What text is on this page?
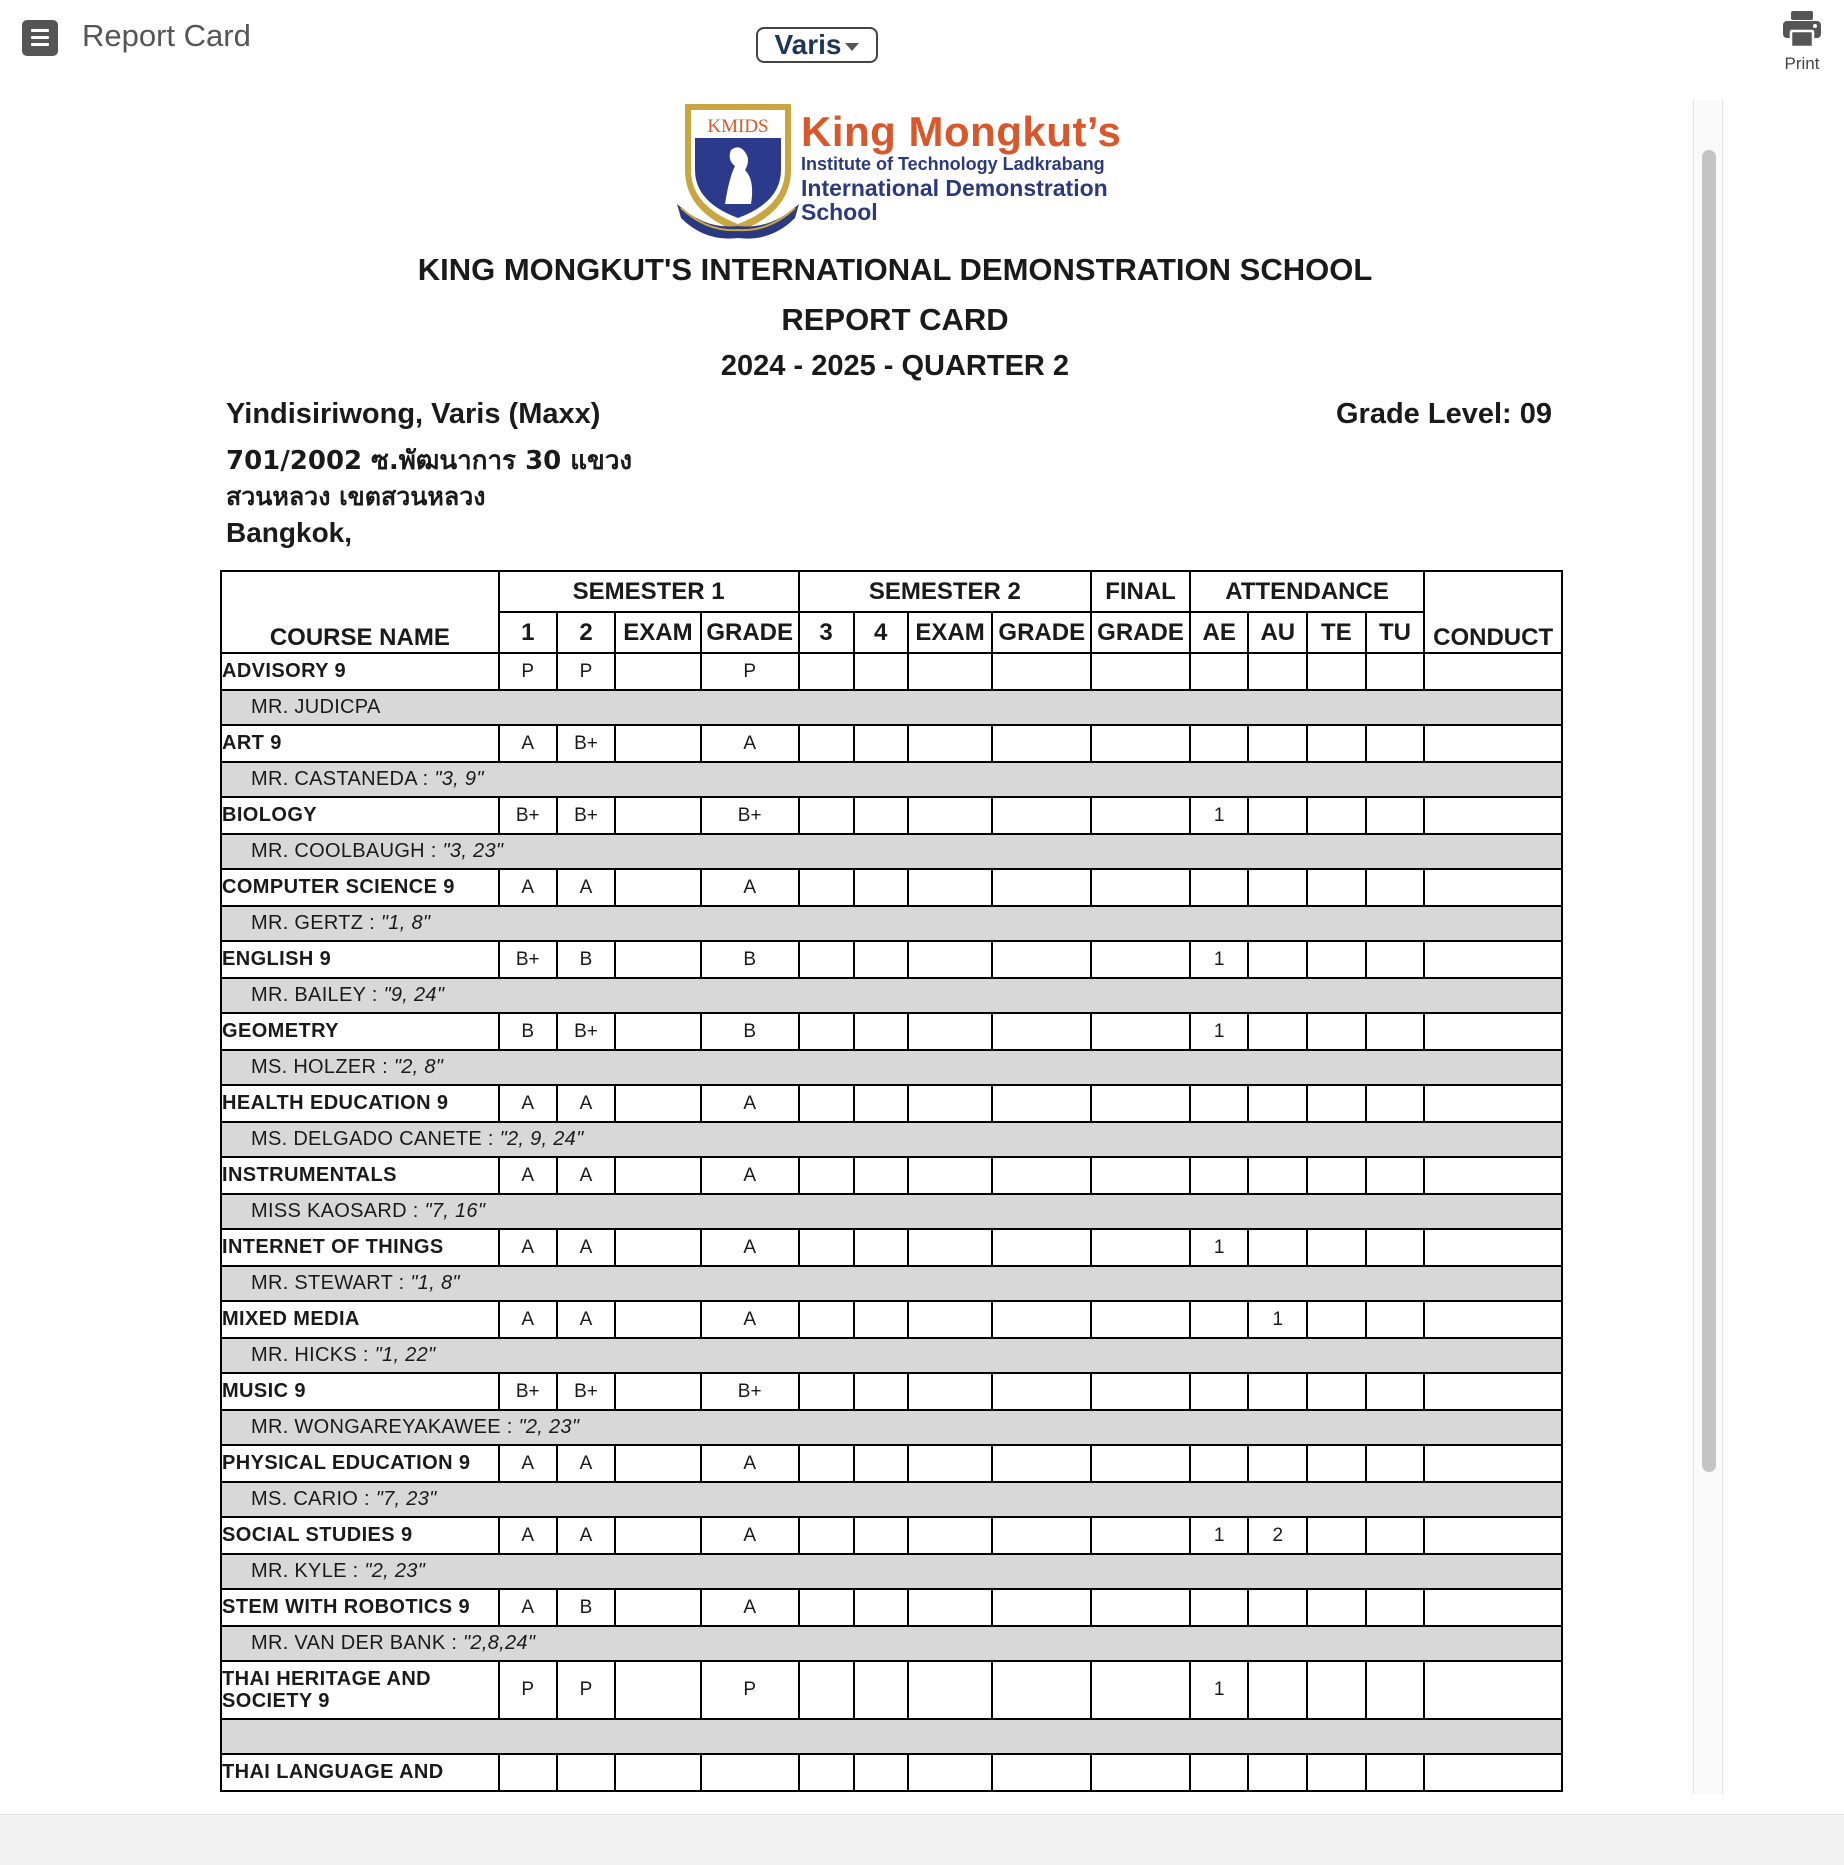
Report Card	Varis
Print
KMIDS King Mongkut’s
Institute of Technology Ladkrabang
International Demonstration
School
KING MONGKUT'S INTERNATIONAL DEMONSTRATION SCHOOL
REPORT CARD
2024 - 2025 - QUARTER 2
Yindisiriwong, Varis (Maxx)	Grade Level: 09
701/2002 ซ.พัฒนาการ 30 แขวง
สวนหลวง เขตสวนหลวง
Bangkok,
COURSE NAME	SEMESTER 1				SEMESTER 2				FINAL	ATTENDANCE				CONDUCT
	1	2	EXAM	GRADE	3	4	EXAM	GRADE	GRADE	AE	AU	TE	TU	
ADVISORY 9	P	P		P										
MR. JUDICPA														
ART 9	A	B+		A										
MR. CASTANEDA : "3, 9"														
BIOLOGY	B+	B+		B+						1				
MR. COOLBAUGH : "3, 23"														
COMPUTER SCIENCE 9	A	A		A										
MR. GERTZ : "1, 8"														
ENGLISH 9	B+	B		B						1				
MR. BAILEY : "9, 24"														
GEOMETRY	B	B+		B						1				
MS. HOLZER : "2, 8"														
HEALTH EDUCATION 9	A	A		A										
MS. DELGADO CANETE : "2, 9, 24"														
INSTRUMENTALS	A	A		A										
MISS KAOSARD : "7, 16"														
INTERNET OF THINGS	A	A		A						1				
MR. STEWART : "1, 8"														
MIXED MEDIA	A	A		A							1			
MR. HICKS : "1, 22"														
MUSIC 9	B+	B+		B+										
MR. WONGAREYAKAWEE : "2, 23"														
PHYSICAL EDUCATION 9	A	A		A										
MS. CARIO : "7, 23"														
SOCIAL STUDIES 9	A	A		A						1	2			
MR. KYLE : "2, 23"														
STEM WITH ROBOTICS 9	A	B		A										
MR. VAN DER BANK : "2,8,24"														
THAI HERITAGE AND SOCIETY 9	P	P		P						1				

THAI LANGUAGE AND														
